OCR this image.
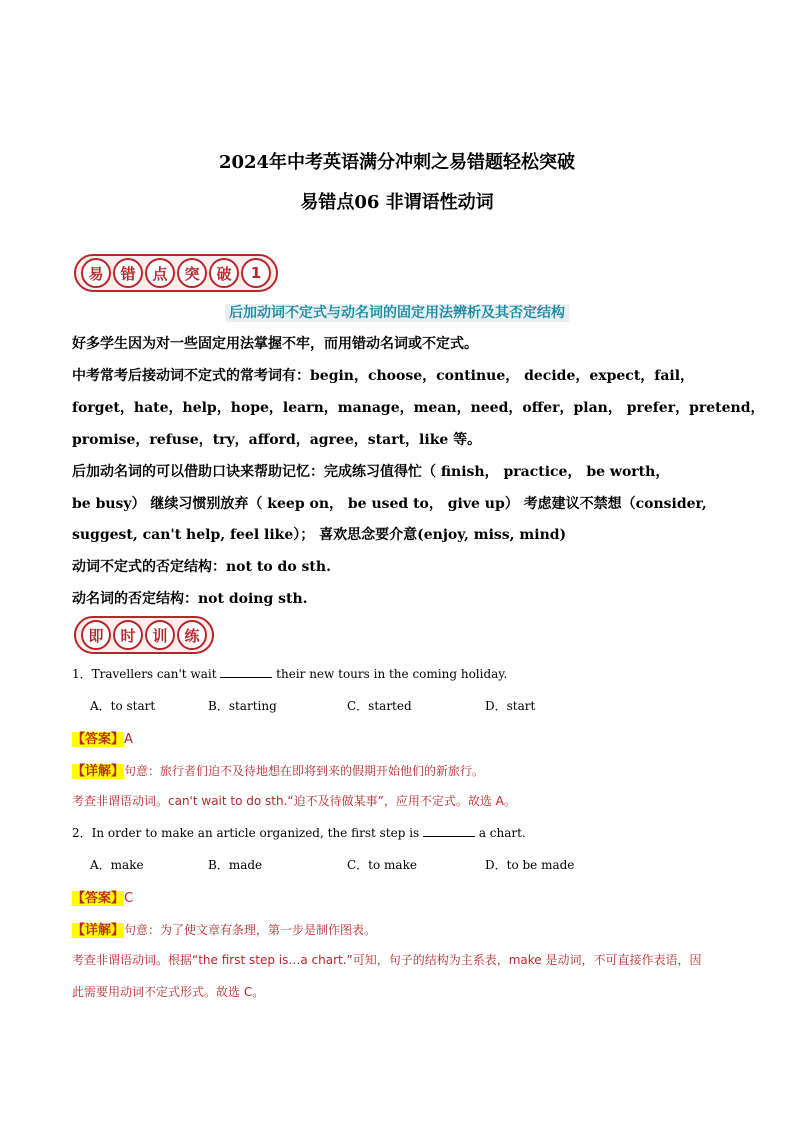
2024年中考英语满分冲刺之易错题轻松突破
易错点06 非谓语性动词
易	错	点	突	破	1
后加动词不定式与动名词的固定用法辨析及其否定结构
好多学生因为对一些固定用法掌握不牢，而用错动名词或不定式。
中考常考后接动词不定式的常考词有：begin，choose，continue， decide，expect，fail，
forget，hate，help，hope，learn，manage，mean，need，offer，plan， prefer，pretend，
promise，refuse，try，afford，agree，start，like 等。
后加动名词的可以借助口诀来帮助记忆：完成练习值得忙（ finish， practice， be worth，
be busy） 继续习惯别放弃（ keep on， be used to， give up） 考虑建议不禁想（consider,
suggest, can't help, feel like）； 喜欢思念要介意(enjoy, miss, mind)
动词不定式的否定结构：not to do sth.
动名词的否定结构：not doing sth.
即	时	训	练
1．Travellers can't wait	their new tours in the coming holiday.
A．to start	B．starting	C．started	D．start
【答案】A
【详解】句意：旅行者们迫不及待地想在即将到来的假期开始他们的新旅行。
考查非谓语动词。can't wait to do sth.“迫不及待做某事”，应用不定式。故选 A。
2．In order to make an article organized, the first step is	a chart.
A．make	B．made	C．to make	D．to be made
【答案】C
【详解】句意：为了使文章有条理，第一步是制作图表。
考查非谓语动词。根据“the first step is…a chart.”可知，句子的结构为主系表，make 是动词，不可直接作表语，因
此需要用动词不定式形式。故选 C。
